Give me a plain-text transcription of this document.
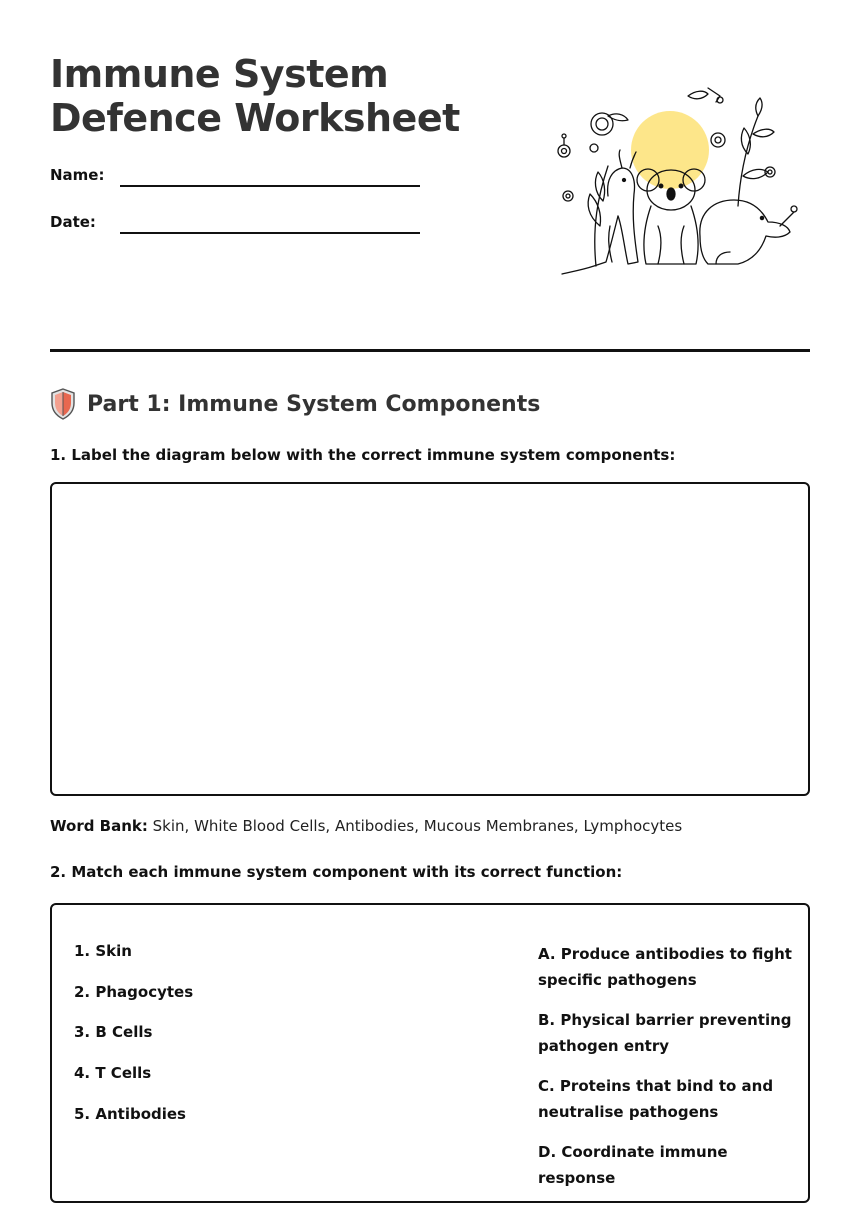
Immune System
Defence Worksheet
Name:
Date:
Part 1: Immune System Components
1. Label the diagram below with the correct immune system components:
Word Bank: Skin, White Blood Cells, Antibodies, Mucous Membranes, Lymphocytes
2. Match each immune system component with its correct function:
1. Skin
2. Phagocytes
3. B Cells
4. T Cells
5. Antibodies
A. Produce antibodies to fight specific pathogens
B. Physical barrier preventing pathogen entry
C. Proteins that bind to and neutralise pathogens
D. Coordinate immune response
